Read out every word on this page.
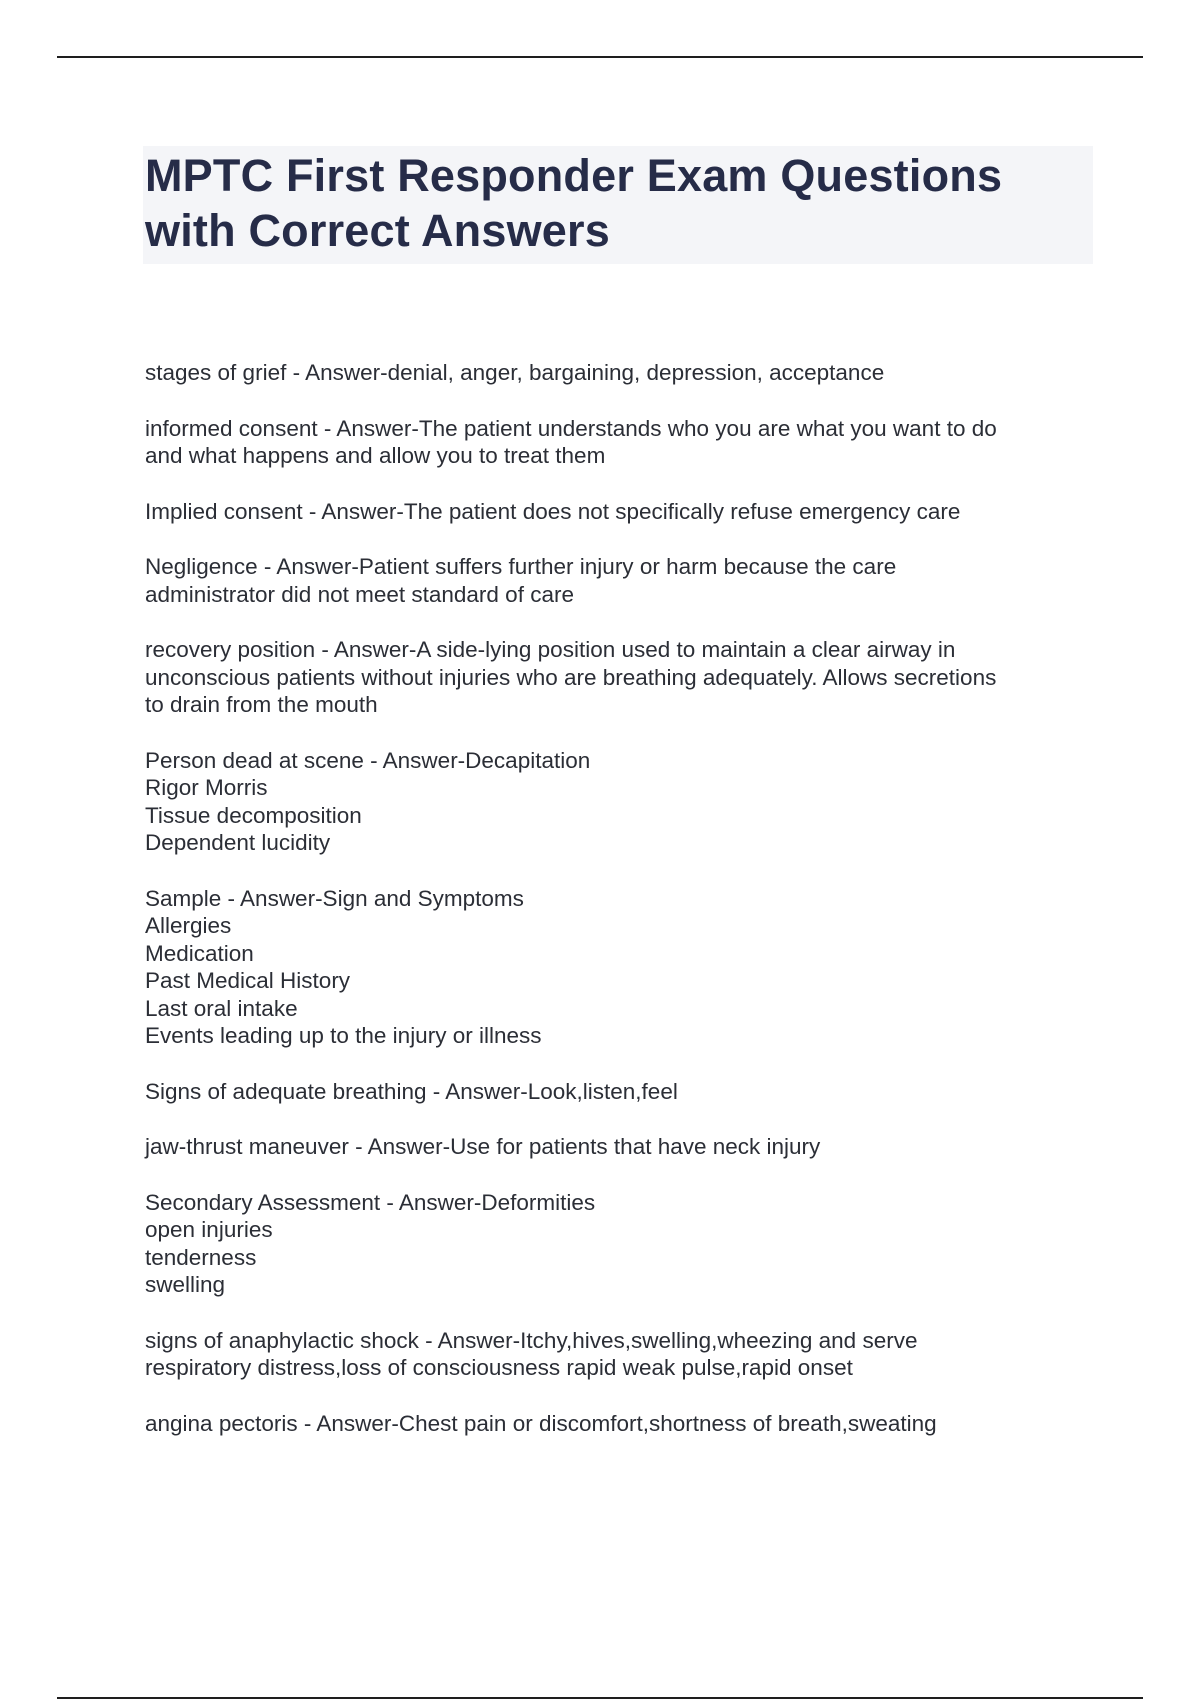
MPTC First Responder Exam Questions
with Correct Answers

stages of grief - Answer-denial, anger, bargaining, depression, acceptance

informed consent - Answer-The patient understands who you are what you want to do
and what happens and allow you to treat them

Implied consent - Answer-The patient does not specifically refuse emergency care

Negligence - Answer-Patient suffers further injury or harm because the care
administrator did not meet standard of care

recovery position - Answer-A side-lying position used to maintain a clear airway in
unconscious patients without injuries who are breathing adequately. Allows secretions
to drain from the mouth

Person dead at scene - Answer-Decapitation
Rigor Morris
Tissue decomposition
Dependent lucidity

Sample - Answer-Sign and Symptoms
Allergies
Medication
Past Medical History
Last oral intake
Events leading up to the injury or illness

Signs of adequate breathing - Answer-Look,listen,feel

jaw-thrust maneuver - Answer-Use for patients that have neck injury

Secondary Assessment - Answer-Deformities
open injuries
tenderness
swelling

signs of anaphylactic shock - Answer-Itchy,hives,swelling,wheezing and serve
respiratory distress,loss of consciousness rapid weak pulse,rapid onset

angina pectoris - Answer-Chest pain or discomfort,shortness of breath,sweating
